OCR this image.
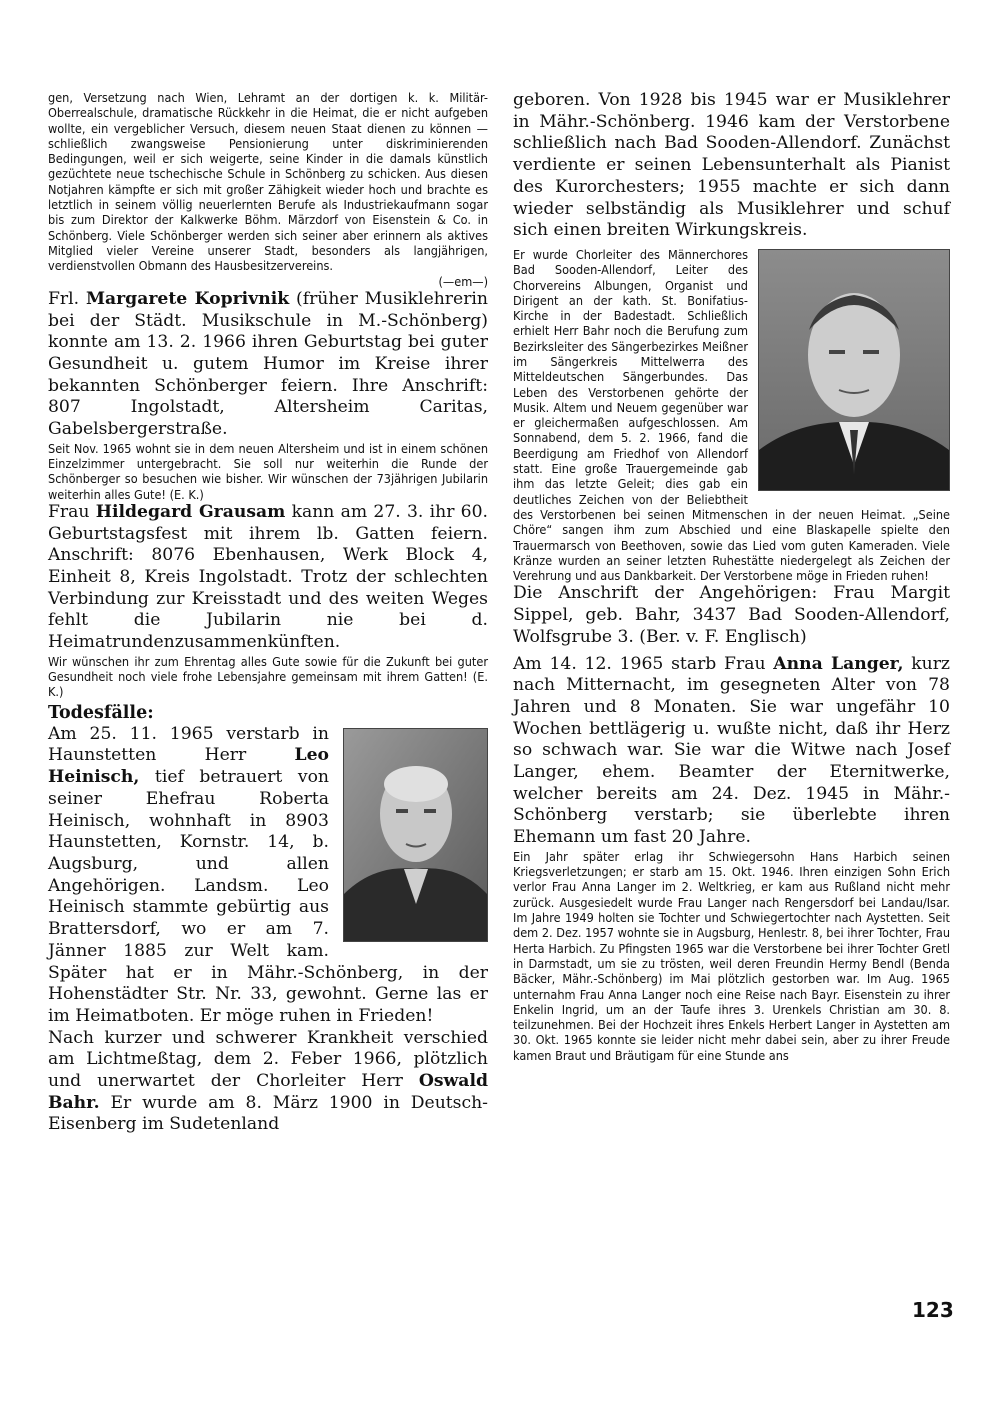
gen, Versetzung nach Wien, Lehramt an der dortigen k. k. Militär-Oberrealschule, dramatische Rückkehr in die Heimat, die er nicht aufgeben wollte, ein vergeblicher Versuch, diesem neuen Staat dienen zu können — schließlich zwangsweise Pensionierung unter diskriminierenden Bedingungen, weil er sich weigerte, seine Kinder in die damals künstlich gezüchtete neue tschechische Schule in Schönberg zu schicken. Aus diesen Notjahren kämpfte er sich mit großer Zähigkeit wieder hoch und brachte es letztlich in seinem völlig neuerlernten Berufe als Industriekaufmann sogar bis zum Direktor der Kalkwerke Böhm. Märzdorf von Eisenstein & Co. in Schönberg. Viele Schönberger werden sich seiner aber erinnern als aktives Mitglied vieler Vereine unserer Stadt, besonders als langjährigen, verdienstvollen Obmann des Hausbesitzervereins.

(—em—)

Frl. Margarete Koprivnik (früher Musiklehrerin bei der Städt. Musikschule in M.-Schönberg) konnte am 13. 2. 1966 ihren Geburtstag bei guter Gesundheit u. gutem Humor im Kreise ihrer bekannten Schönberger feiern. Ihre Anschrift: 807 Ingolstadt, Altersheim Caritas, Gabelsbergerstraße.

Seit Nov. 1965 wohnt sie in dem neuen Altersheim und ist in einem schönen Einzelzimmer untergebracht. Sie soll nur weiterhin die Runde der Schönberger so besuchen wie bisher. Wir wünschen der 73jährigen Jubilarin weiterhin alles Gute! (E. K.)

Frau Hildegard Grausam kann am 27. 3. ihr 60. Geburtstagsfest mit ihrem lb. Gatten feiern. Anschrift: 8076 Ebenhausen, Werk Block 4, Einheit 8, Kreis Ingolstadt. Trotz der schlechten Verbindung zur Kreisstadt und des weiten Weges fehlt die Jubilarin nie bei d. Heimatrundenzusammenkünften.

Wir wünschen ihr zum Ehrentag alles Gute sowie für die Zukunft bei guter Gesundheit noch viele frohe Lebensjahre gemeinsam mit ihrem Gatten! (E. K.)

Todesfälle:

Am 25. 11. 1965 verstarb in Haunstetten Herr	Leo Heinisch, tief betrauert von seiner Ehefrau Roberta Heinisch, wohnhaft in 8903 Haunstetten, Kornstr. 14, b. Augsburg, und allen Angehörigen. Landsm. Leo Heinisch stammte gebürtig aus Brattersdorf, wo er am 7. Jänner 1885 zur Welt kam. Später hat er in Mähr.-Schönberg, in der Hohenstädter Str. Nr. 33, gewohnt. Gerne las er im Heimatboten. Er möge ruhen in Frieden!

Nach kurzer und schwerer Krankheit verschied am Lichtmeßtag, dem 2. Feber 1966, plötzlich und unerwartet der Chorleiter Herr Oswald Bahr. Er wurde am 8. März 1900 in Deutsch-Eisenberg im Sudetenland

geboren. Von 1928 bis 1945 war er Musiklehrer in Mähr.-Schönberg. 1946 kam der Verstorbene schließlich nach Bad Sooden-Allendorf. Zunächst verdiente er seinen Lebensunterhalt als Pianist des Kurorchesters; 1955 machte er sich dann wieder selbständig als Musiklehrer und schuf sich einen breiten Wirkungskreis.

Er wurde Chorleiter des Männerchores Bad Sooden-Allendorf, Leiter des Chorvereins Albungen, Organist und Dirigent an der kath. St. Bonifatius-Kirche in der Badestadt. Schließlich erhielt Herr Bahr noch die Berufung zum Bezirksleiter des Sängerbezirkes Meißner im Sängerkreis Mittelwerra des Mitteldeutschen Sängerbundes. Das Leben des Verstorbenen gehörte der Musik. Altem und Neuem gegenüber war er gleichermaßen aufgeschlossen. Am Sonnabend, dem 5. 2. 1966, fand die Beerdigung am Friedhof von Allendorf statt. Eine große Trauergemeinde gab ihm das letzte Geleit; dies gab ein deutliches Zeichen von der Beliebtheit des Verstorbenen bei seinen Mitmenschen in der neuen Heimat. „Seine Chöre“ sangen ihm zum Abschied und eine Blaskapelle spielte den Trauermarsch von Beethoven, sowie das Lied vom guten Kameraden. Viele Kränze wurden an seiner letzten Ruhestätte niedergelegt als Zeichen der Verehrung und aus Dankbarkeit. Der Verstorbene möge in Frieden ruhen!

Die Anschrift der Angehörigen: Frau Margit Sippel, geb. Bahr, 3437 Bad Sooden-Allendorf, Wolfsgrube 3. (Ber. v. F. Englisch)

Am 14. 12. 1965 starb Frau Anna Langer, kurz nach Mitternacht, im gesegneten Alter von 78 Jahren und 8 Monaten. Sie war ungefähr 10 Wochen bettlägerig u. wußte nicht, daß ihr Herz so schwach war. Sie war die Witwe nach Josef Langer, ehem. Beamter der Eternitwerke, welcher bereits am 24. Dez. 1945 in Mähr.-Schönberg verstarb; sie überlebte ihren Ehemann um fast 20 Jahre.

Ein Jahr später erlag ihr Schwiegersohn Hans Harbich seinen Kriegsverletzungen; er starb am 15. Okt. 1946. Ihren einzigen Sohn Erich verlor Frau Anna Langer im 2. Weltkrieg, er kam aus Rußland nicht mehr zurück. Ausgesiedelt wurde Frau Langer nach Rengersdorf bei Landau/Isar. Im Jahre 1949 holten sie Tochter und Schwiegertochter nach Aystetten. Seit dem 2. Dez. 1957 wohnte sie in Augsburg, Henlestr. 8, bei ihrer Tochter, Frau Herta Harbich. Zu Pfingsten 1965 war die Verstorbene bei ihrer Tochter Gretl in Darmstadt, um sie zu trösten, weil deren Freundin Hermy Bendl (Benda Bäcker, Mähr.-Schönberg) im Mai plötzlich gestorben war. Im Aug. 1965 unternahm Frau Anna Langer noch eine Reise nach Bayr. Eisenstein zu ihrer Enkelin Ingrid, um an der Taufe ihres 3. Urenkels Christian am 30. 8. teilzunehmen. Bei der Hochzeit ihres Enkels Herbert Langer in Aystetten am 30. Okt. 1965 konnte sie leider nicht mehr dabei sein, aber zu ihrer Freude kamen Braut und Bräutigam für eine Stunde ans

123
